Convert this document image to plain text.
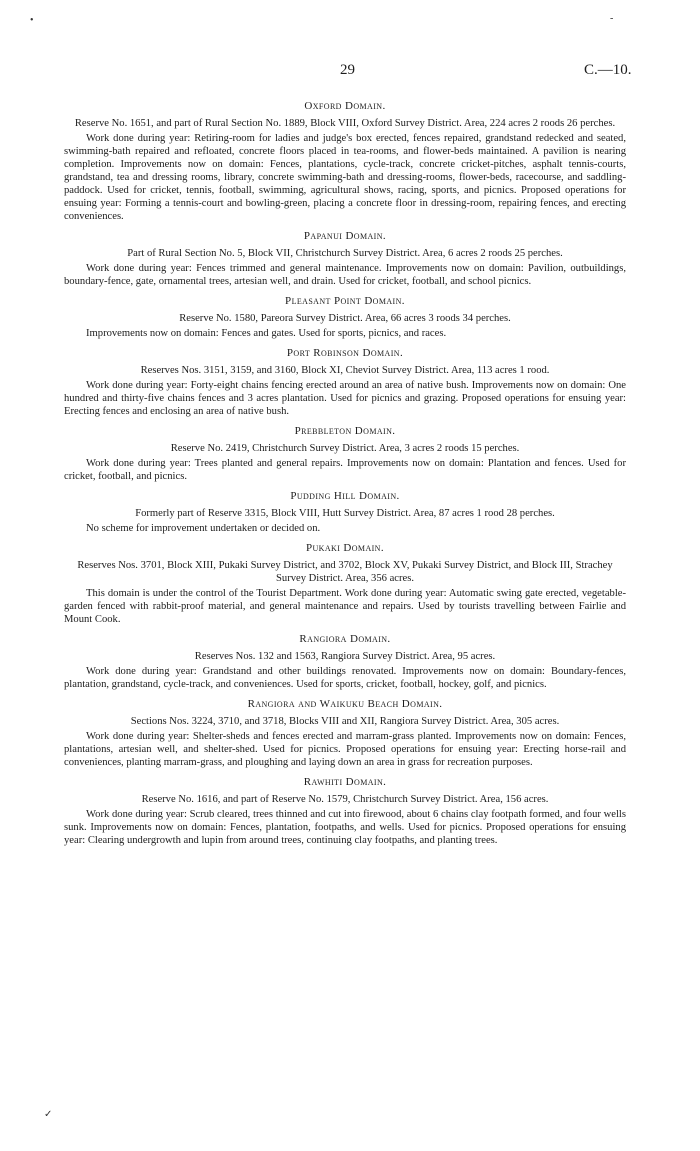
•	-
✓
29	C.—10.
Oxford Domain.
Reserve No. 1651, and part of Rural Section No. 1889, Block VIII, Oxford Survey District. Area, 224 acres 2 roods 26 perches.

Work done during year: Retiring-room for ladies and judge's box erected, fences repaired, grandstand redecked and seated, swimming-bath repaired and refloated, concrete floors placed in tea-rooms, and flower-beds maintained. A pavilion is nearing completion. Improvements now on domain: Fences, plantations, cycle-track, concrete cricket-pitches, asphalt tennis-courts, grandstand, tea and dressing rooms, library, concrete swimming-bath and dressing-rooms, flower-beds, racecourse, and saddling-paddock. Used for cricket, tennis, football, swimming, agricultural shows, racing, sports, and picnics. Proposed operations for ensuing year: Forming a tennis-court and bowling-green, placing a concrete floor in dressing-room, repairing fences, and erecting conveniences.

Papanui Domain.
Part of Rural Section No. 5, Block VII, Christchurch Survey District. Area, 6 acres 2 roods 25 perches.

Work done during year: Fences trimmed and general maintenance. Improvements now on domain: Pavilion, outbuildings, boundary-fence, gate, ornamental trees, artesian well, and drain. Used for cricket, football, and school picnics.

Pleasant Point Domain.
Reserve No. 1580, Pareora Survey District. Area, 66 acres 3 roods 34 perches.

Improvements now on domain: Fences and gates. Used for sports, picnics, and races.

Port Robinson Domain.
Reserves Nos. 3151, 3159, and 3160, Block XI, Cheviot Survey District. Area, 113 acres 1 rood.

Work done during year: Forty-eight chains fencing erected around an area of native bush. Improvements now on domain: One hundred and thirty-five chains fences and 3 acres plantation. Used for picnics and grazing. Proposed operations for ensuing year: Erecting fences and enclosing an area of native bush.

Prebbleton Domain.
Reserve No. 2419, Christchurch Survey District. Area, 3 acres 2 roods 15 perches.

Work done during year: Trees planted and general repairs. Improvements now on domain: Plantation and fences. Used for cricket, football, and picnics.

Pudding Hill Domain.
Formerly part of Reserve 3315, Block VIII, Hutt Survey District. Area, 87 acres 1 rood 28 perches.

No scheme for improvement undertaken or decided on.

Pukaki Domain.
Reserves Nos. 3701, Block XIII, Pukaki Survey District, and 3702, Block XV, Pukaki Survey District, and Block III, Strachey Survey District. Area, 356 acres.

This domain is under the control of the Tourist Department. Work done during year: Automatic swing gate erected, vegetable-garden fenced with rabbit-proof material, and general maintenance and repairs. Used by tourists travelling between Fairlie and Mount Cook.

Rangiora Domain.
Reserves Nos. 132 and 1563, Rangiora Survey District. Area, 95 acres.

Work done during year: Grandstand and other buildings renovated. Improvements now on domain: Boundary-fences, plantation, grandstand, cycle-track, and conveniences. Used for sports, cricket, football, hockey, golf, and picnics.

Rangiora and Waikuku Beach Domain.
Sections Nos. 3224, 3710, and 3718, Blocks VIII and XII, Rangiora Survey District. Area, 305 acres.

Work done during year: Shelter-sheds and fences erected and marram-grass planted. Improvements now on domain: Fences, plantations, artesian well, and shelter-shed. Used for picnics. Proposed operations for ensuing year: Erecting horse-rail and conveniences, planting marram-grass, and ploughing and laying down an area in grass for recreation purposes.

Rawhiti Domain.
Reserve No. 1616, and part of Reserve No. 1579, Christchurch Survey District. Area, 156 acres.

Work done during year: Scrub cleared, trees thinned and cut into firewood, about 6 chains clay footpath formed, and four wells sunk. Improvements now on domain: Fences, plantation, footpaths, and wells. Used for picnics. Proposed operations for ensuing year: Clearing undergrowth and lupin from around trees, continuing clay footpaths, and planting trees.
